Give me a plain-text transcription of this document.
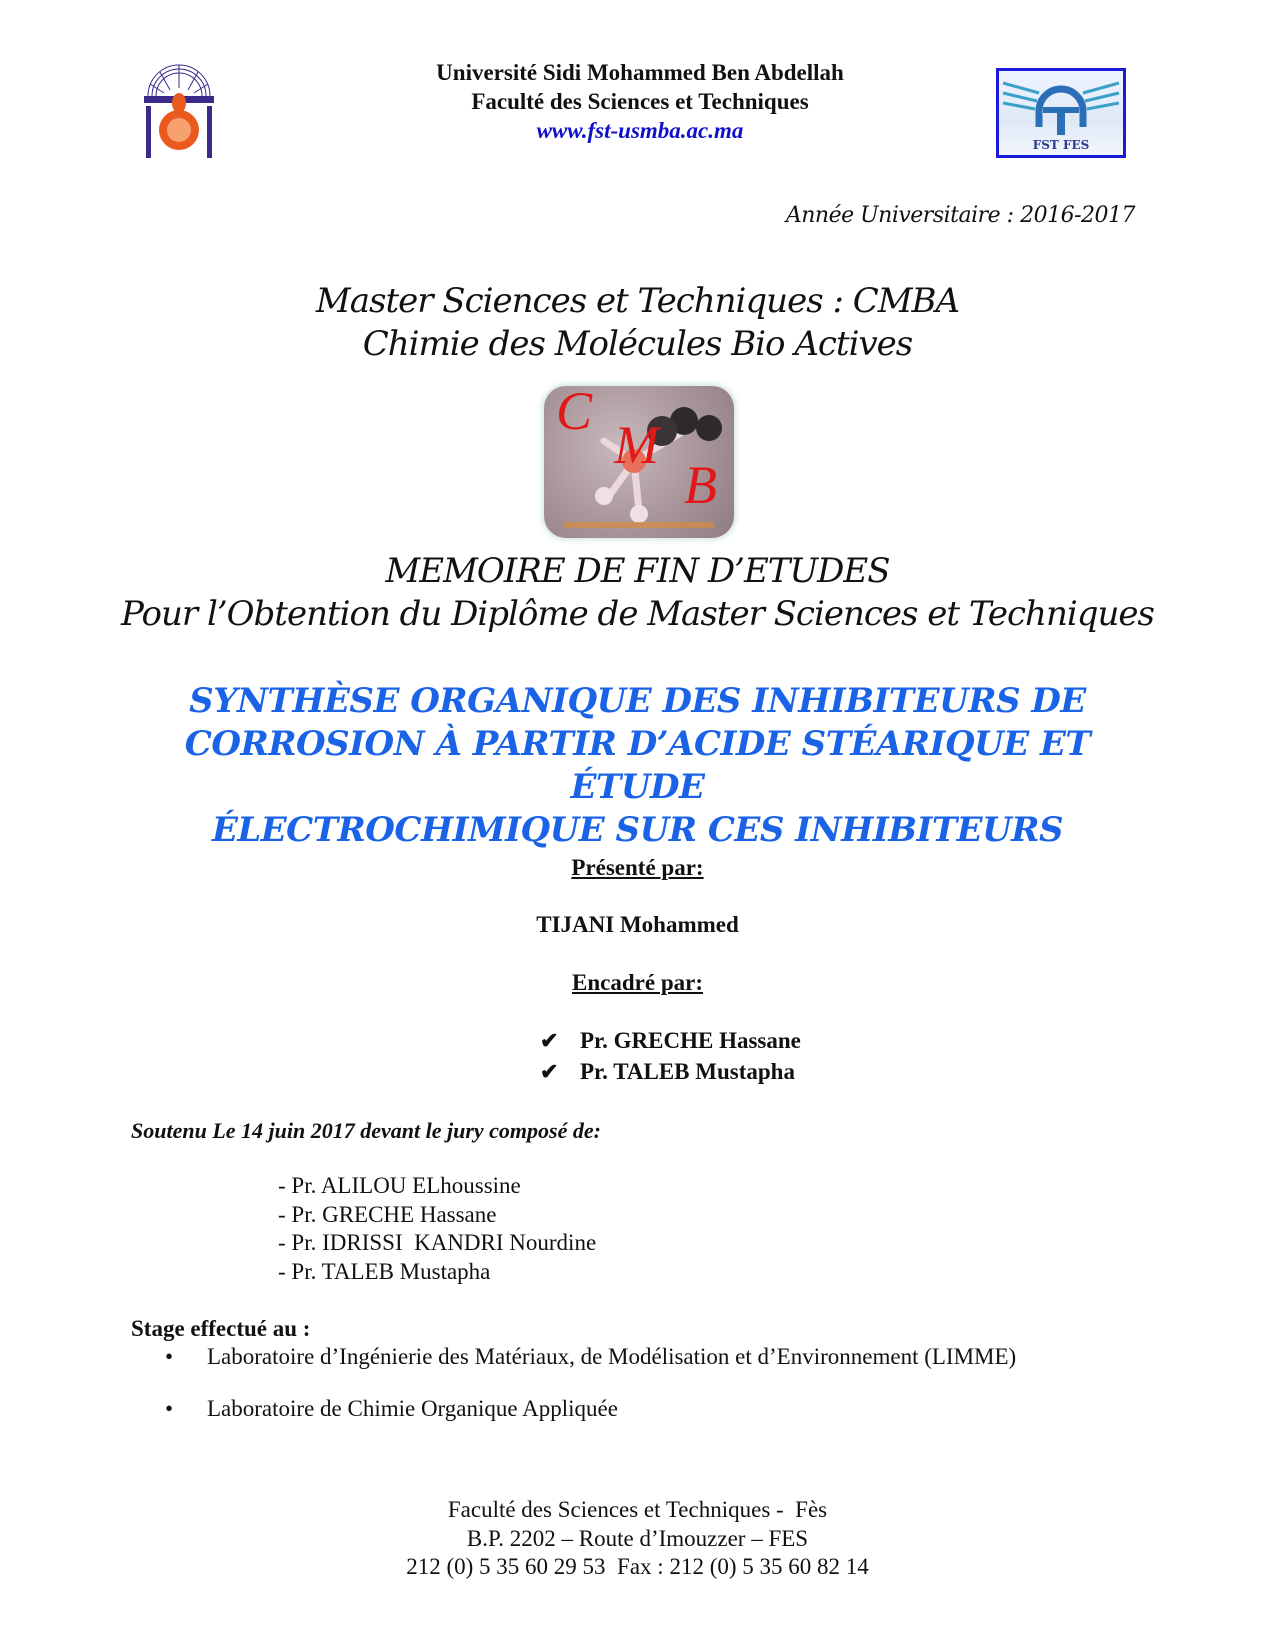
Université Sidi Mohammed Ben Abdellah
Faculté des Sciences et Techniques
www.fst-usmba.ac.ma
FST FES
Année Universitaire : 2016-2017
Master Sciences et Techniques : CMBA
Chimie des Molécules Bio Actives
C
M
B
MEMOIRE DE FIN D’ETUDES
Pour l’Obtention du Diplôme de Master Sciences et Techniques
SYNTHÈSE ORGANIQUE DES INHIBITEURS DE
CORROSION À PARTIR D’ACIDE STÉARIQUE ET ÉTUDE
ÉLECTROCHIMIQUE SUR CES INHIBITEURS
Présenté par:
TIJANI Mohammed
Encadré par:
✔ Pr. GRECHE Hassane
✔ Pr. TALEB Mustapha
Soutenu Le 14 juin 2017 devant le jury composé de:
- Pr. ALILOU ELhoussine
- Pr. GRECHE Hassane
- Pr. IDRISSI  KANDRI Nourdine
- Pr. TALEB Mustapha
Stage effectué au :
•	Laboratoire d’Ingénierie des Matériaux, de Modélisation et d’Environnement (LIMME)
•	Laboratoire de Chimie Organique Appliquée
Faculté des Sciences et Techniques -  Fès
B.P. 2202 – Route d’Imouzzer – FES
212 (0) 5 35 60 29 53  Fax : 212 (0) 5 35 60 82 14
